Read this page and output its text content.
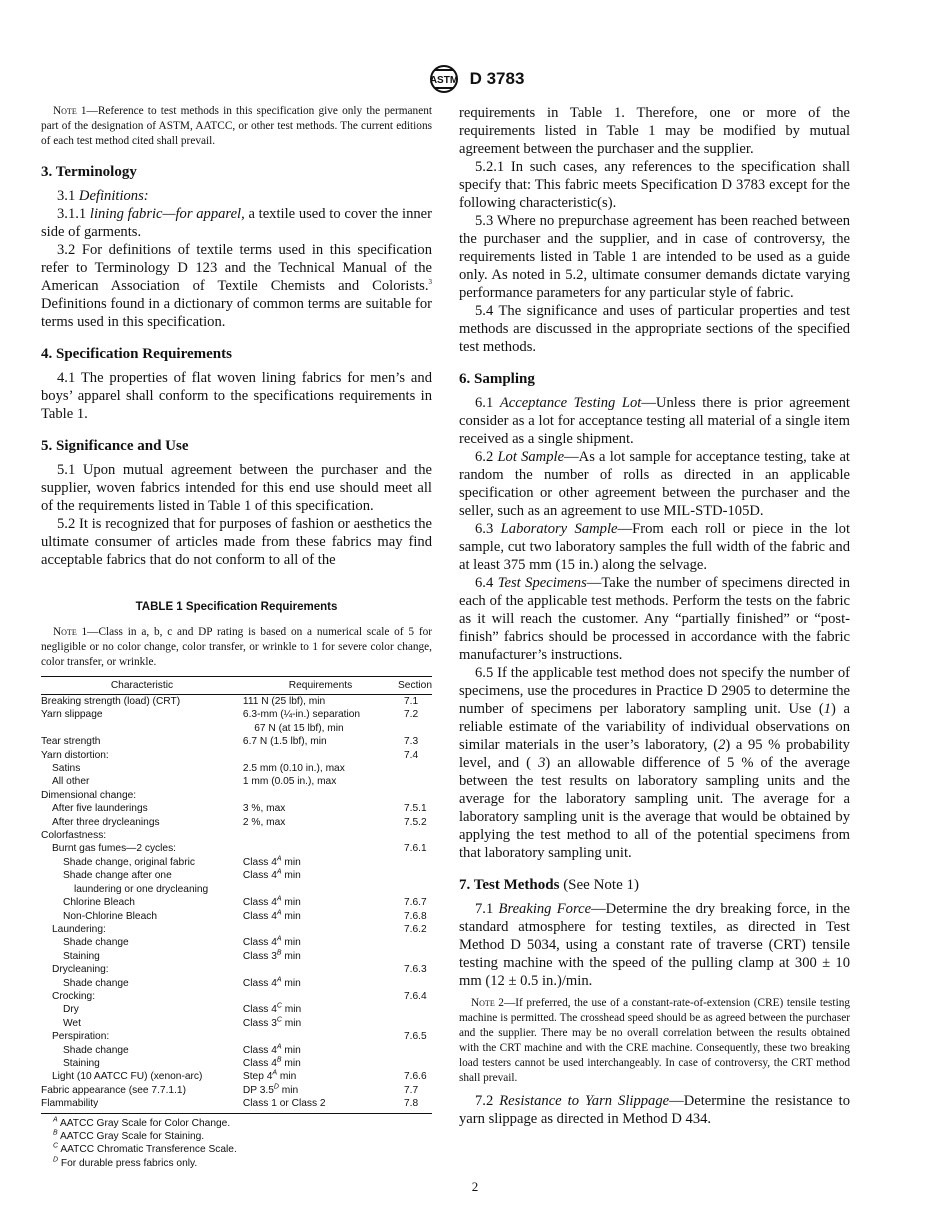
ASTM D 3783

Note 1—Reference to test methods in this specification give only the permanent part of the designation of ASTM, AATCC, or other test methods. The current editions of each test method cited shall prevail.

3. Terminology

3.1 Definitions:

3.1.1 lining fabric—for apparel, a textile used to cover the inner side of garments.

3.2 For definitions of textile terms used in this specification refer to Terminology D 123 and the Technical Manual of the American Association of Textile Chemists and Colorists.$^3$ Definitions found in a dictionary of common terms are suitable for terms used in this specification.

4. Specification Requirements

4.1 The properties of flat woven lining fabrics for men’s and boys’ apparel shall conform to the specifications requirements in Table 1.

5. Significance and Use

5.1 Upon mutual agreement between the purchaser and the supplier, woven fabrics intended for this end use should meet all of the requirements listed in Table 1 of this specification.

5.2 It is recognized that for purposes of fashion or aesthetics the ultimate consumer of articles made from these fabrics may find acceptable fabrics that do not conform to all of the

TABLE 1 Specification Requirements

Note 1—Class in a, b, c and DP rating is based on a numerical scale of 5 for negligible or no color change, color transfer, or wrinkle to 1 for severe color change, color transfer, or wrinkle.

Characteristic	Requirements	Section
Breaking strength (load) (CRT)	111 N (25 lbf), min	7.1
Yarn slippage	6.3-mm (¼-in.) separation	7.2
	67 N (at 15 lbf), min	
Tear strength	6.7 N (1.5 lbf), min	7.3
Yarn distortion:		7.4
Satins	2.5 mm (0.10 in.), max	
All other	1 mm (0.05 in.), max	
Dimensional change:		
After five launderings	3 %, max	7.5.1
After three drycleanings	2 %, max	7.5.2
Colorfastness:		
Burnt gas fumes—2 cycles:		7.6.1
Shade change, original fabric	Class $4^A$ min	
Shade change after one	Class $4^A$ min	
laundering or one drycleaning		
Chlorine Bleach	Class $4^A$ min	7.6.7
Non-Chlorine Bleach	Class $4^A$ min	7.6.8
Laundering:		7.6.2
Shade change	Class $4^A$ min	
Staining	Class $3^B$ min	
Drycleaning:		7.6.3
Shade change	Class $4^A$ min	
Crocking:		7.6.4
Dry	Class $4^C$ min	
Wet	Class $3^C$ min	
Perspiration:		7.6.5
Shade change	Class $4^A$ min	
Staining	Class $4^B$ min	
Light (10 AATCC FU) (xenon-arc)	Step $4^A$ min	7.6.6
Fabric appearance (see 7.7.1.1)	DP $3.5^D$ min	7.7
Flammability	Class 1 or Class 2	7.8
$^A$ AATCC Gray Scale for Color Change.
$^B$ AATCC Gray Scale for Staining.
$^C$ AATCC Chromatic Transference Scale.
$^D$ For durable press fabrics only.

requirements in Table 1. Therefore, one or more of the requirements listed in Table 1 may be modified by mutual agreement between the purchaser and the supplier.

5.2.1 In such cases, any references to the specification shall specify that: This fabric meets Specification D 3783 except for the following characteristic(s).

5.3 Where no prepurchase agreement has been reached between the purchaser and the supplier, and in case of controversy, the requirements listed in Table 1 are intended to be used as a guide only. As noted in 5.2, ultimate consumer demands dictate varying performance parameters for any particular style of fabric.

5.4 The significance and uses of particular properties and test methods are discussed in the appropriate sections of the specified test methods.

6. Sampling

6.1 Acceptance Testing Lot—Unless there is prior agreement consider as a lot for acceptance testing all material of a single item received as a single shipment.

6.2 Lot Sample—As a lot sample for acceptance testing, take at random the number of rolls as directed in an applicable specification or other agreement between the purchaser and the seller, such as an agreement to use MIL-STD-105D.

6.3 Laboratory Sample—From each roll or piece in the lot sample, cut two laboratory samples the full width of the fabric and at least 375 mm (15 in.) along the selvage.

6.4 Test Specimens—Take the number of specimens directed in each of the applicable test methods. Perform the tests on the fabric as it will reach the customer. Any “partially finished” or “post-finish” fabrics should be processed in accordance with the fabric manufacturer’s instructions.

6.5 If the applicable test method does not specify the number of specimens, use the procedures in Practice D 2905 to determine the number of specimens per laboratory sampling unit. Use (1) a reliable estimate of the variability of individual observations on similar materials in the user’s laboratory, (2) a 95 % probability level, and ( 3) an allowable difference of 5 % of the average between the test results on laboratory sampling units and the average for the laboratory sampling unit. The average for a laboratory sampling unit is the average that would be obtained by applying the test method to all of the potential specimens from that laboratory sampling unit.

7. Test Methods (See Note 1)

7.1 Breaking Force—Determine the dry breaking force, in the standard atmosphere for testing textiles, as directed in Test Method D 5034, using a constant rate of traverse (CRT) tensile testing machine with the speed of the pulling clamp at 300 ± 10 mm (12 ± 0.5 in.)/min.

Note 2—If preferred, the use of a constant-rate-of-extension (CRE) tensile testing machine is permitted. The crosshead speed should be as agreed between the purchaser and the supplier. There may be no overall correlation between the results obtained with the CRT machine and with the CRE machine. Consequently, these two breaking load testers cannot be used interchangeably. In case of controversy, the CRT method shall prevail.

7.2 Resistance to Yarn Slippage—Determine the resistance to yarn slippage as directed in Method D 434.

2
